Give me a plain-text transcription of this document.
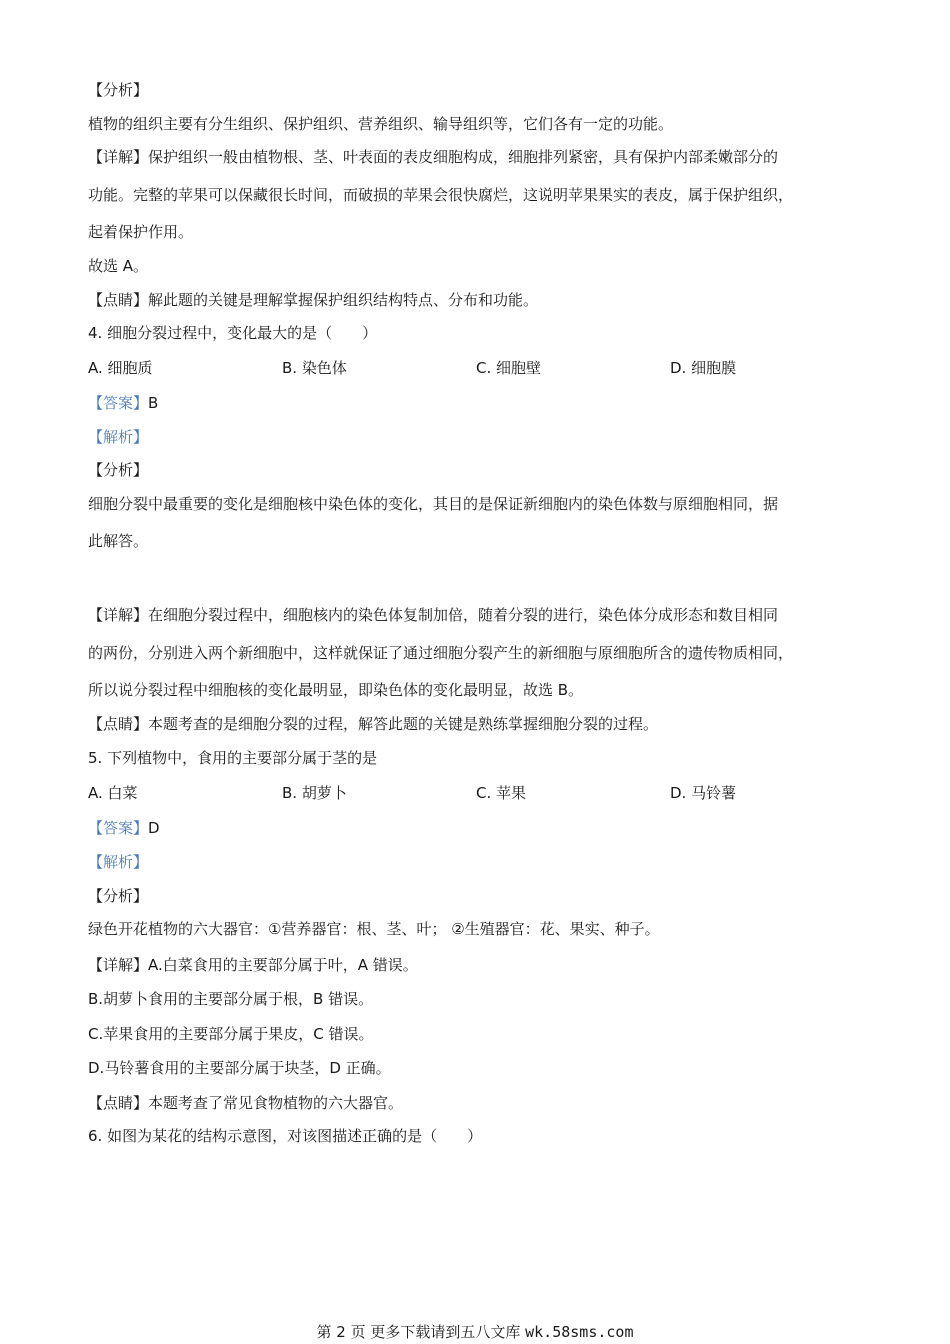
【分析】
植物的组织主要有分生组织、保护组织、营养组织、输导组织等，它们各有一定的功能。
【详解】保护组织一般由植物根、茎、叶表面的表皮细胞构成，细胞排列紧密，具有保护内部柔嫩部分的
功能。完整的苹果可以保藏很长时间，而破损的苹果会很快腐烂，这说明苹果果实的表皮，属于保护组织，
起着保护作用。
故选 A。
【点睛】解此题的关键是理解掌握保护组织结构特点、分布和功能。
4. 细胞分裂过程中，变化最大的是（　　）
A. 细胞质	B. 染色体	C. 细胞壁	D. 细胞膜
【答案】B
【解析】
【分析】
细胞分裂中最重要的变化是细胞核中染色体的变化，其目的是保证新细胞内的染色体数与原细胞相同，据
此解答。
【详解】在细胞分裂过程中，细胞核内的染色体复制加倍，随着分裂的进行，染色体分成形态和数目相同
的两份，分别进入两个新细胞中，这样就保证了通过细胞分裂产生的新细胞与原细胞所含的遗传物质相同，
所以说分裂过程中细胞核的变化最明显，即染色体的变化最明显，故选 B。
【点睛】本题考查的是细胞分裂的过程，解答此题的关键是熟练掌握细胞分裂的过程。
5. 下列植物中，食用的主要部分属于茎的是
A. 白菜	B. 胡萝卜	C. 苹果	D. 马铃薯
【答案】D
【解析】
【分析】
绿色开花植物的六大器官：①营养器官：根、茎、叶； ②生殖器官：花、果实、种子。
【详解】A.白菜食用的主要部分属于叶，A 错误。
B.胡萝卜食用的主要部分属于根，B 错误。
C.苹果食用的主要部分属于果皮，C 错误。
D.马铃薯食用的主要部分属于块茎，D 正确。
【点睛】本题考查了常见食物植物的六大器官。
6. 如图为某花的结构示意图，对该图描述正确的是（　　）
第 2 页 更多下载请到五八文库 wk.58sms.com
